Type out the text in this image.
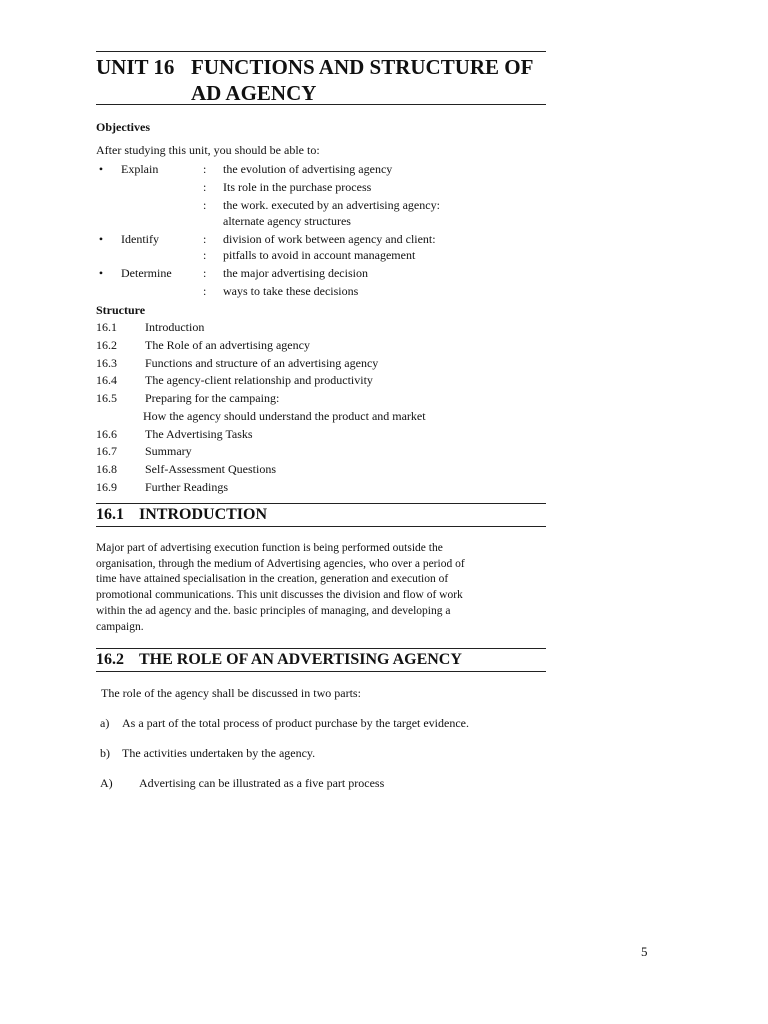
UNIT 16 FUNCTIONS AND STRUCTURE OF
AD AGENCY
Objectives
After studying this unit, you should be able to:
• Explain	: the evolution of advertising agency
: Its role in the purchase process
: the work. executed by an advertising agency:
alternate agency structures
• Identify	: division of work between agency and client:
: pitfalls to avoid in account management
• Determine	: the major advertising decision
: ways to take these decisions
Structure
16.1 Introduction
16.2 The Role of an advertising agency
16.3 Functions and structure of an advertising agency
16.4 The agency-client relationship and productivity
16.5 Preparing for the campaing:
How the agency should understand the product and market
16.6 The Advertising Tasks
16.7 Summary
16.8 Self-Assessment Questions
16.9 Further Readings
16.1 INTRODUCTION
Major part of advertising execution function is being performed outside the
organisation, through the medium of Advertising agencies, who over a period of
time have attained specialisation in the creation, generation and execution of
promotional communications. This unit discusses the division and flow of work
within the ad agency and the. basic principles of managing, and developing a
campaign.
16.2 THE ROLE OF AN ADVERTISING AGENCY
The role of the agency shall be discussed in two parts:
a) As a part of the total process of product purchase by the target evidence.
b) The activities undertaken by the agency.
A) Advertising can be illustrated as a five part process
5
